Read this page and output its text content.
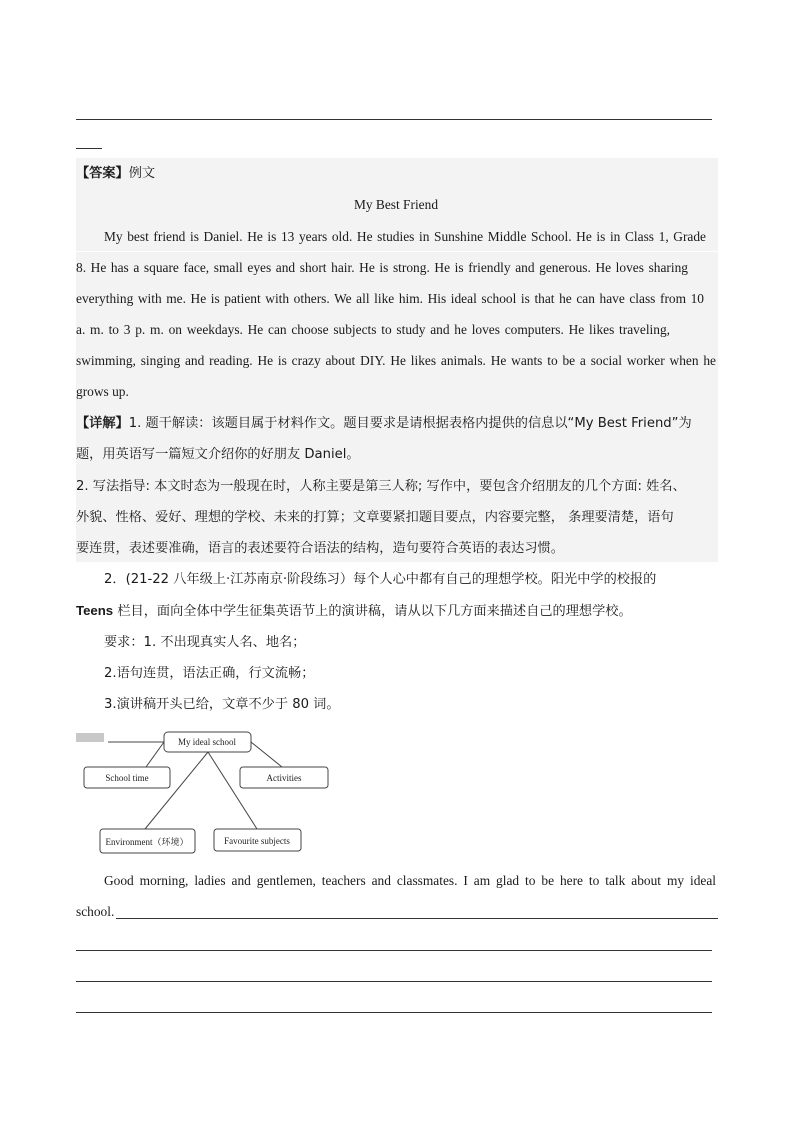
【答案】例文
My Best Friend
My best friend is Daniel. He is 13 years old. He studies in Sunshine Middle School. He is in Class 1, Grade
8. He has a square face, small eyes and short hair. He is strong. He is friendly and generous. He loves sharing
everything with me. He is patient with others. We all like him. His ideal school is that he can have class from 10
a. m. to 3 p. m. on weekdays. He can choose subjects to study and he loves computers. He likes traveling,
swimming, singing and reading. He is crazy about DIY. He likes animals. He wants to be a social worker when he
grows up.
【详解】1. 题干解读：该题目属于材料作文。题目要求是请根据表格内提供的信息以“My Best Friend”为
题，用英语写一篇短文介绍你的好朋友 Daniel。
2. 写法指导: 本文时态为一般现在时，人称主要是第三人称; 写作中，要包含介绍朋友的几个方面: 姓名、
外貌、性格、爱好、理想的学校、未来的打算；文章要紧扣题目要点，内容要完整， 条理要清楚，语句
要连贯，表述要准确，语言的表述要符合语法的结构，造句要符合英语的表达习惯。
2．(21-22 八年级上·江苏南京·阶段练习）每个人心中都有自己的理想学校。阳光中学的校报的
Teens 栏目，面向全体中学生征集英语节上的演讲稿，请从以下几方面来描述自己的理想学校。
要求：1. 不出现真实人名、地名；
2.语句连贯，语法正确，行文流畅；
3.演讲稿开头已给，文章不少于 80 词。
My ideal school
School time	Activities
Environment（环境）	Favourite subjects
Good morning, ladies and gentlemen, teachers and classmates. I am glad to be here to talk about my ideal
school.
